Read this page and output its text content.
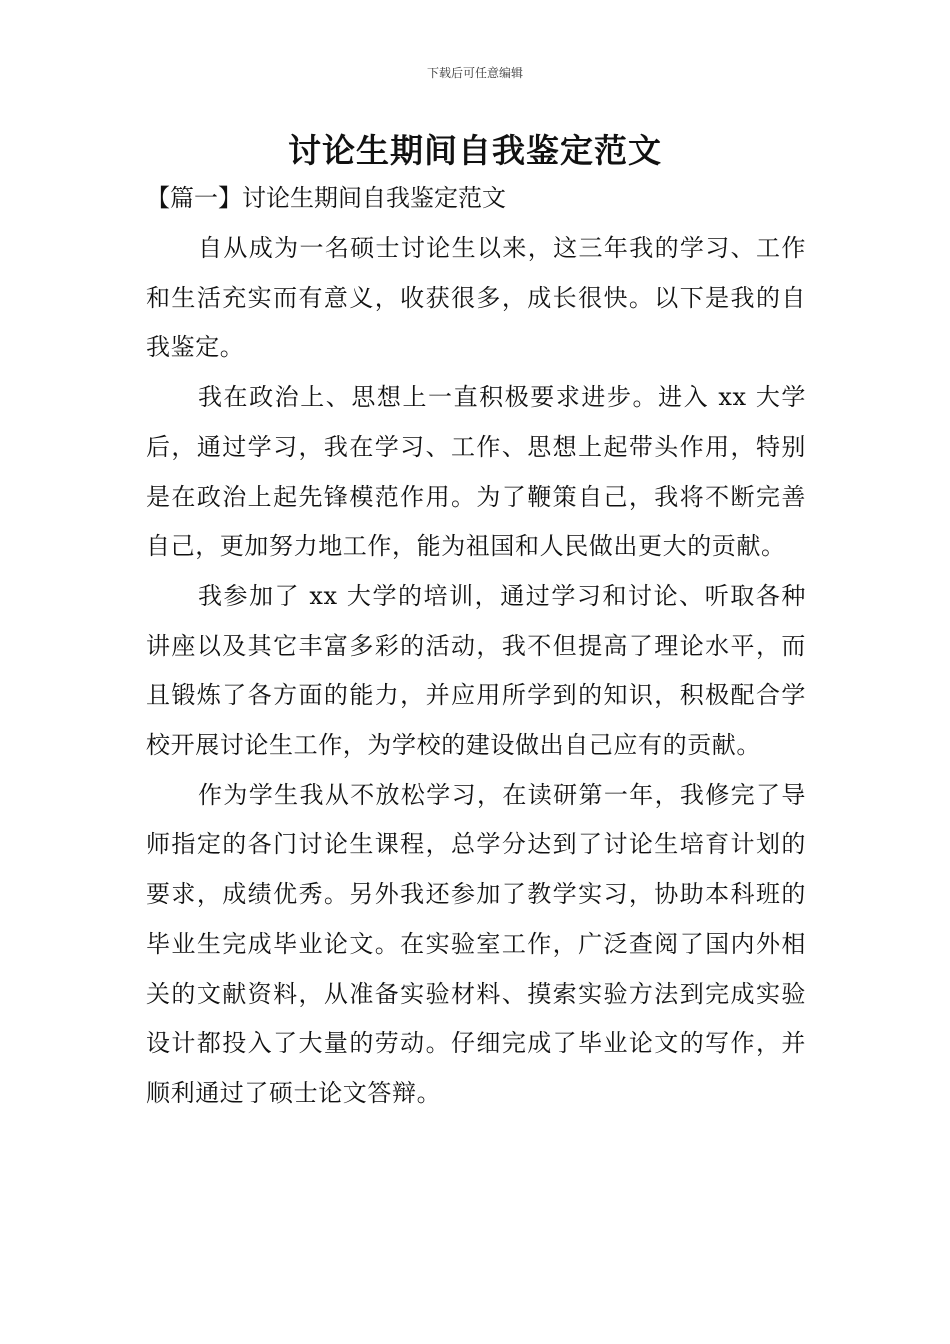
下载后可任意编辑
讨论生期间自我鉴定范文
【篇一】讨论生期间自我鉴定范文

自从成为一名硕士讨论生以来，这三年我的学习、工作和生活充实而有意义，收获很多，成长很快。以下是我的自我鉴定。

我在政治上、思想上一直积极要求进步。进入 xx 大学后，通过学习，我在学习、工作、思想上起带头作用，特别是在政治上起先锋模范作用。为了鞭策自己，我将不断完善自己，更加努力地工作，能为祖国和人民做出更大的贡献。

我参加了 xx 大学的培训，通过学习和讨论、听取各种讲座以及其它丰富多彩的活动，我不但提高了理论水平，而且锻炼了各方面的能力，并应用所学到的知识，积极配合学校开展讨论生工作，为学校的建设做出自己应有的贡献。

作为学生我从不放松学习，在读研第一年，我修完了导师指定的各门讨论生课程，总学分达到了讨论生培育计划的要求，成绩优秀。另外我还参加了教学实习，协助本科班的毕业生完成毕业论文。在实验室工作，广泛查阅了国内外相关的文献资料，从准备实验材料、摸索实验方法到完成实验设计都投入了大量的劳动。仔细完成了毕业论文的写作，并顺利通过了硕士论文答辩。
